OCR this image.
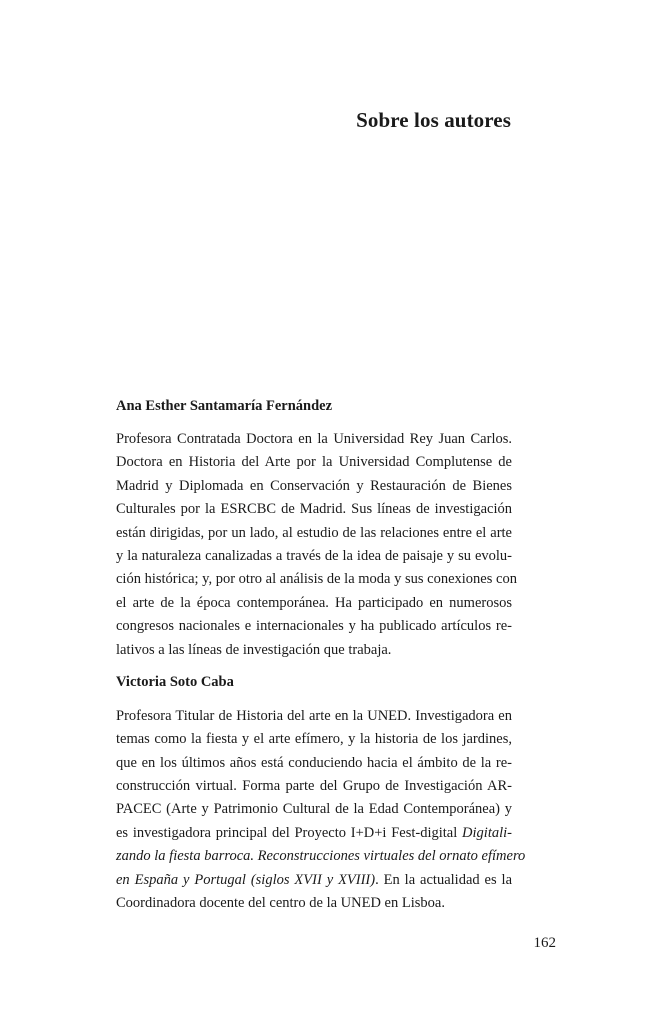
Sobre los autores
Ana Esther Santamaría Fernández

Profesora Contratada Doctora en la Universidad Rey Juan Carlos.
Doctora en Historia del Arte por la Universidad Complutense de
Madrid y Diplomada en Conservación y Restauración de Bienes
Culturales por la ESRCBC de Madrid. Sus líneas de investigación
están dirigidas, por un lado, al estudio de las relaciones entre el arte
y la naturaleza canalizadas a través de la idea de paisaje y su evolu-
ción histórica; y, por otro al análisis de la moda y sus conexiones con
el arte de la época contemporánea. Ha participado en numerosos
congresos nacionales e internacionales y ha publicado artículos re-
lativos a las líneas de investigación que trabaja.

Victoria Soto Caba

Profesora Titular de Historia del arte en la UNED. Investigadora en
temas como la fiesta y el arte efímero, y la historia de los jardines,
que en los últimos años está conduciendo hacia el ámbito de la re-
construcción virtual. Forma parte del Grupo de Investigación AR-
PACEC (Arte y Patrimonio Cultural de la Edad Contemporánea) y
es investigadora principal del Proyecto I+D+i Fest-digital Digitali-
zando la fiesta barroca. Reconstrucciones virtuales del ornato efímero
en España y Portugal (siglos XVII y XVIII). En la actualidad es la
Coordinadora docente del centro de la UNED en Lisboa.

162
